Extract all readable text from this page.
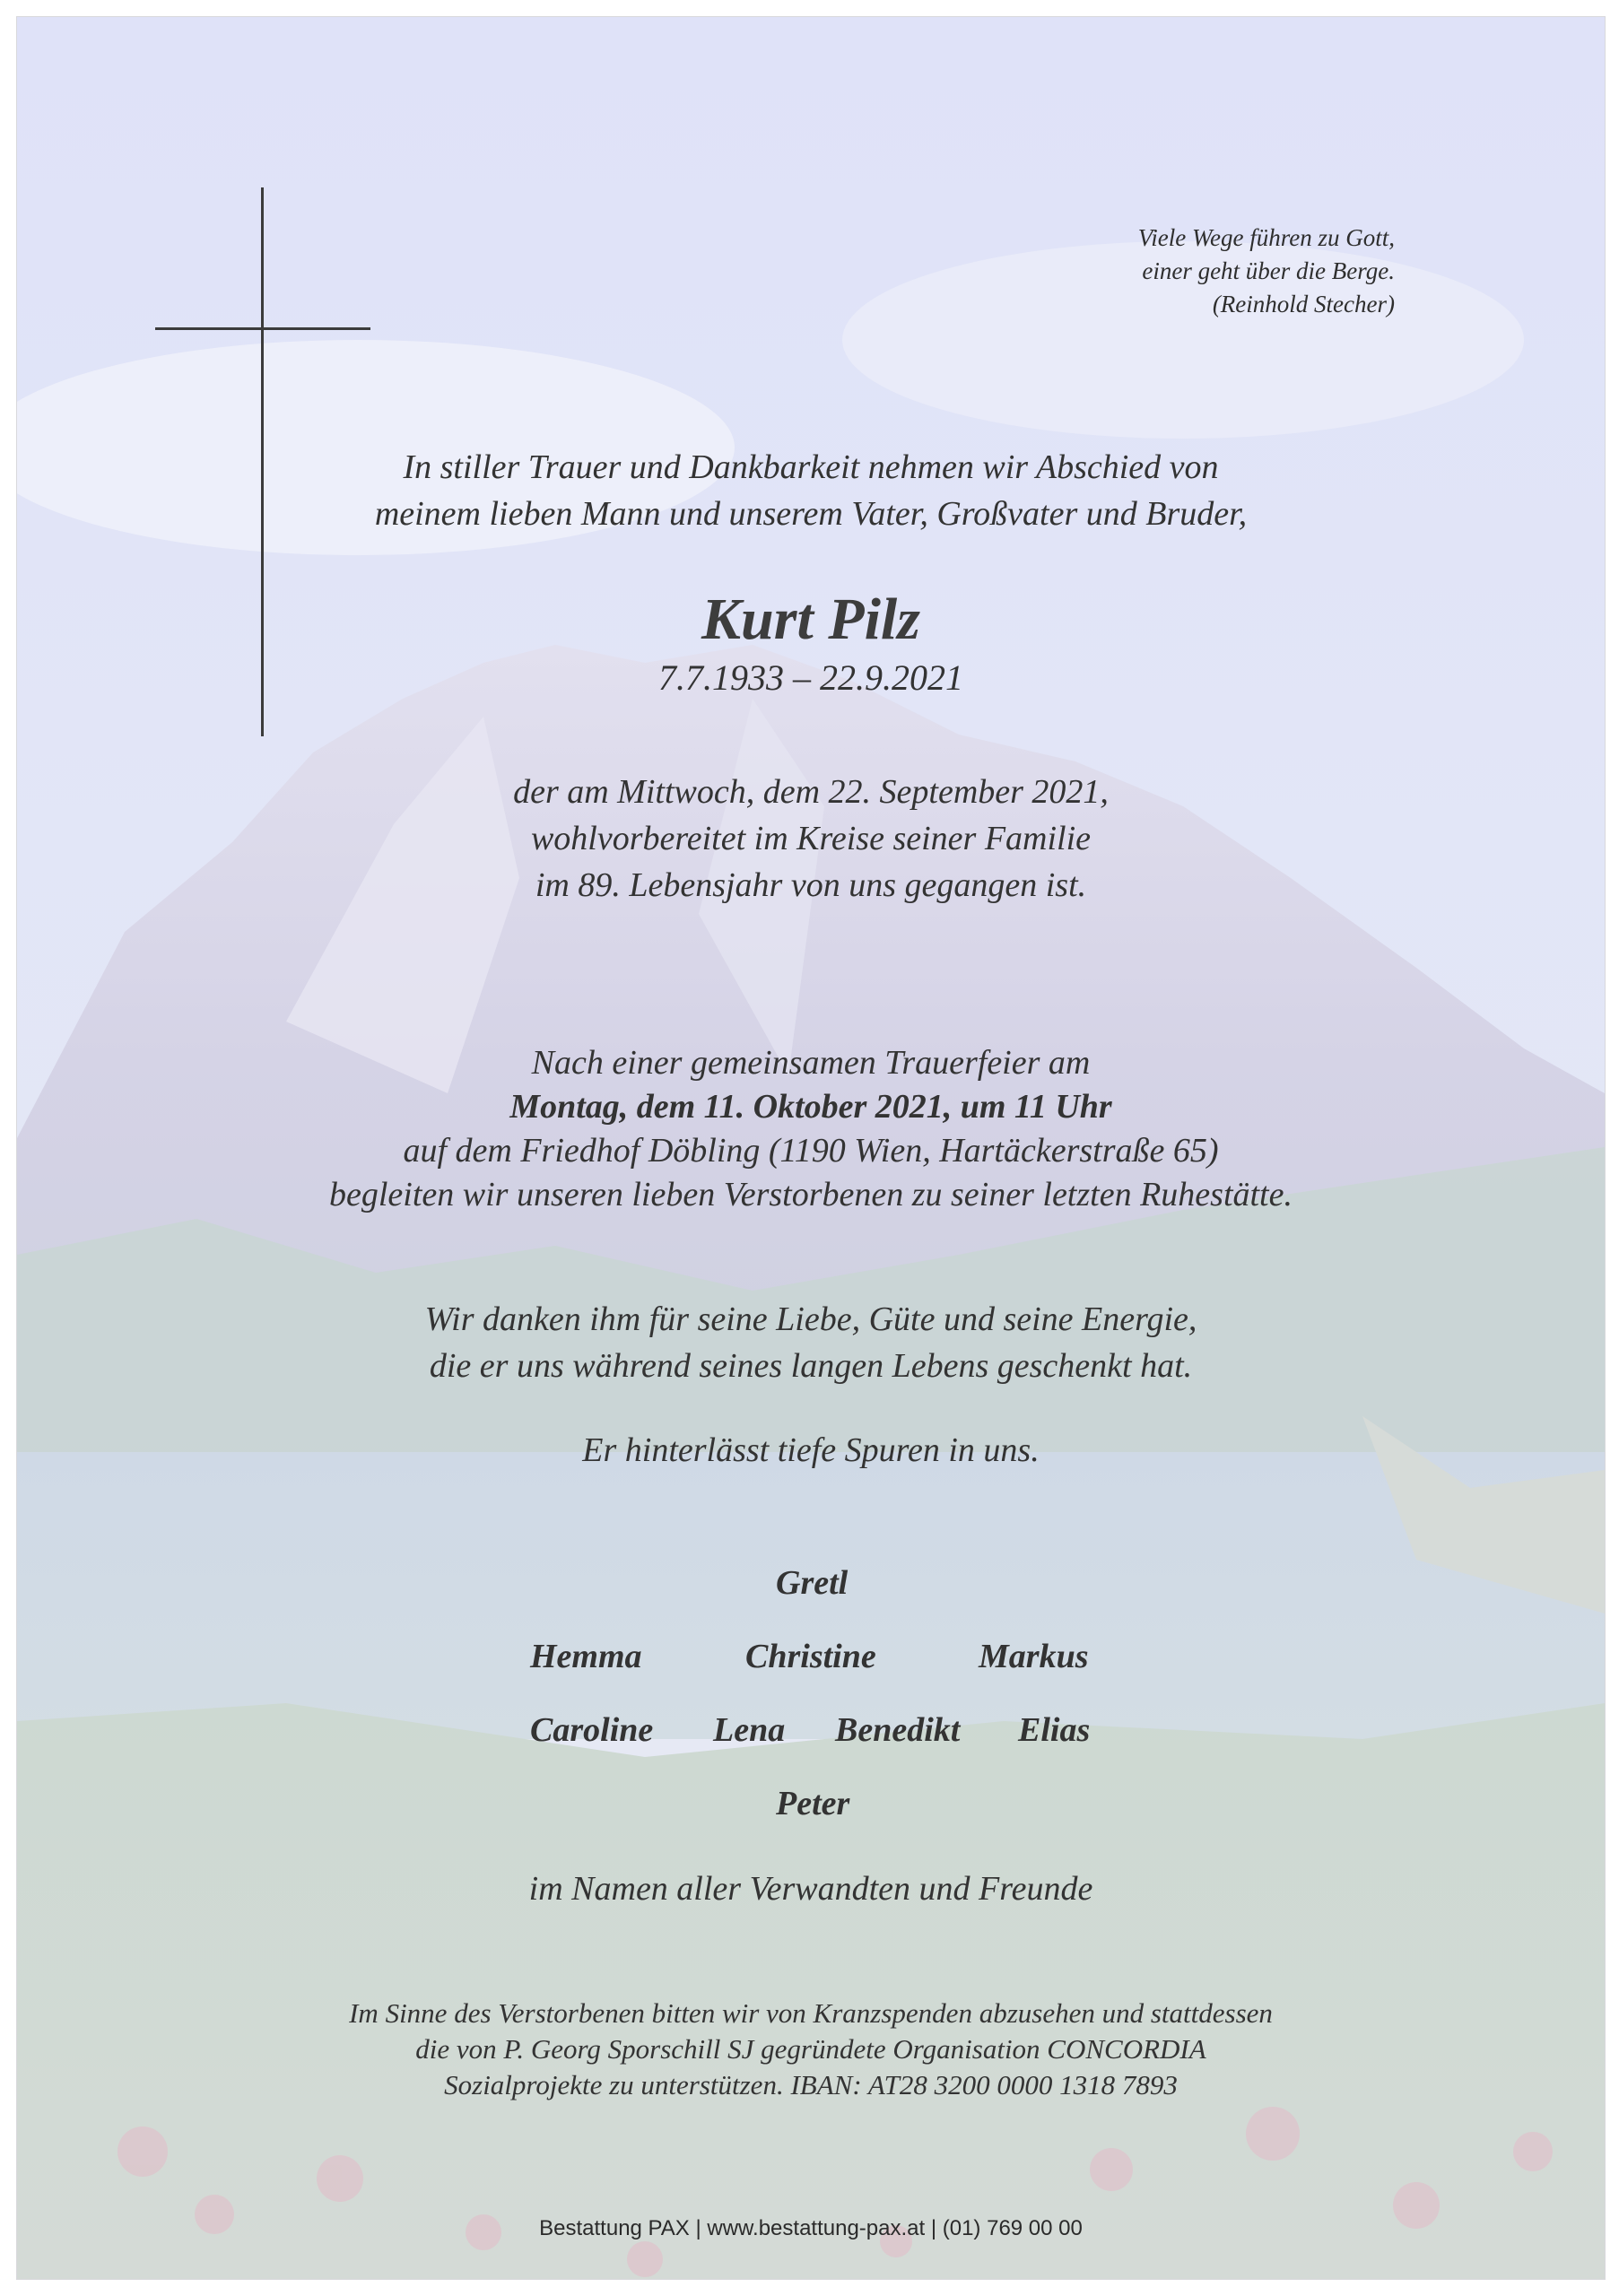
Viele Wege führen zu Gott,
einer geht über die Berge.
(Reinhold Stecher)
In stiller Trauer und Dankbarkeit nehmen wir Abschied von
meinem lieben Mann und unserem Vater, Großvater und Bruder,
Kurt Pilz
7.7.1933 – 22.9.2021
der am Mittwoch, dem 22. September 2021,
wohlvorbereitet im Kreise seiner Familie
im 89. Lebensjahr von uns gegangen ist.
Nach einer gemeinsamen Trauerfeier am
Montag, dem 11. Oktober 2021, um 11 Uhr
auf dem Friedhof Döbling (1190 Wien, Hartäckerstraße 65)
begleiten wir unseren lieben Verstorbenen zu seiner letzten Ruhestätte.
Wir danken ihm für seine Liebe, Güte und seine Energie,
die er uns während seines langen Lebens geschenkt hat.
Er hinterlässt tiefe Spuren in uns.
Gretl
Hemma	Christine	Markus
Caroline Lena Benedikt Elias
Peter
im Namen aller Verwandten und Freunde
Im Sinne des Verstorbenen bitten wir von Kranzspenden abzusehen und stattdessen
die von P. Georg Sporschill SJ gegründete Organisation CONCORDIA
Sozialprojekte zu unterstützen. IBAN: AT28 3200 0000 1318 7893
Bestattung PAX | www.bestattung-pax.at | (01) 769 00 00
